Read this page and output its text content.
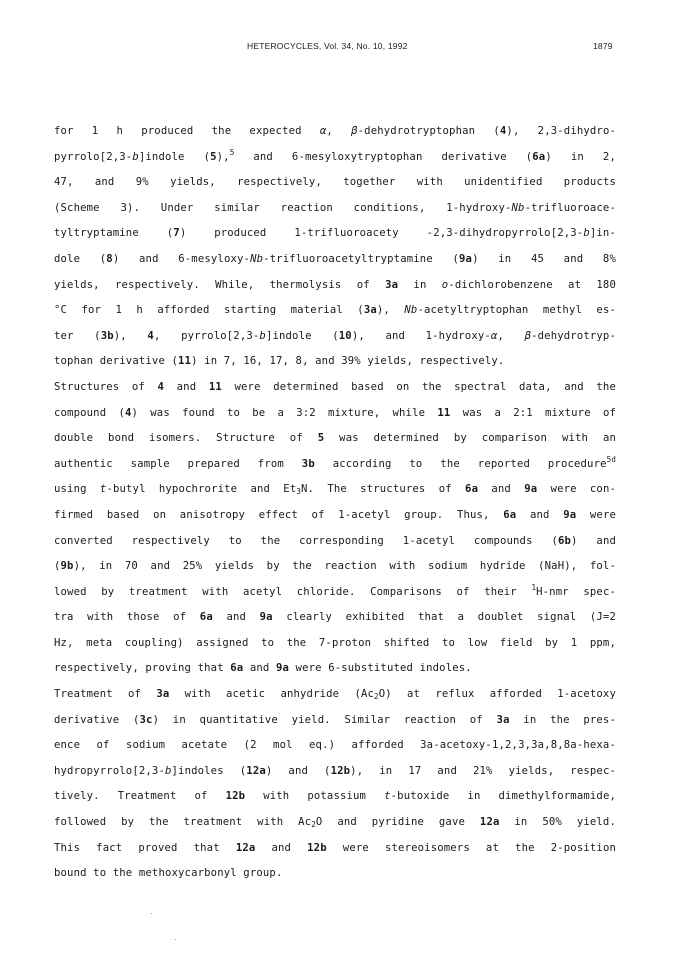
HETEROCYCLES, Vol. 34, No. 10, 1992	1879
for 1 h produced the expected α, β-dehydrotryptophan (4), 2,3-dihydro-
pyrrolo[2,3-b]indole (5),$^5$ and 6-mesyloxytryptophan derivative (6a) in 2,
47, and 9% yields, respectively, together with unidentified products
(Scheme 3). Under similar reaction conditions, 1-hydroxy-Nb-trifluoroace-
tyltryptamine (7) produced 1-trifluoroacety -2,3-dihydropyrrolo[2,3-b]in-
dole (8) and 6-mesyloxy-Nb-trifluoroacetyltryptamine (9a) in 45 and 8%
yields, respectively. While, thermolysis of 3a in o-dichlorobenzene at 180
°C for 1 h afforded starting material (3a), Nb-acetyltryptophan methyl es-
ter (3b), 4, pyrrolo[2,3-b]indole (10), and 1-hydroxy-α, β-dehydrotryp-
tophan derivative (11) in 7, 16, 17, 8, and 39% yields, respectively.
Structures of 4 and 11 were determined based on the spectral data, and the
compound (4) was found to be a 3:2 mixture, while 11 was a 2:1 mixture of
double bond isomers. Structure of 5 was determined by comparison with an
authentic sample prepared from 3b according to the reported procedure$^{5d}$
using t-butyl hypochrorite and $Et_3N$. The structures of 6a and 9a were con-
firmed based on anisotropy effect of 1-acetyl group. Thus, 6a and 9a were
converted respectively to the corresponding 1-acetyl compounds (6b) and
(9b), in 70 and 25% yields by the reaction with sodium hydride (NaH), fol-
lowed by treatment with acetyl chloride. Comparisons of their $^1$H-nmr spec-
tra with those of 6a and 9a clearly exhibited that a doublet signal (J=2
Hz, meta coupling) assigned to the 7-proton shifted to low field by 1 ppm,
respectively, proving that 6a and 9a were 6-substituted indoles.
Treatment of 3a with acetic anhydride $(Ac_2O)$ at reflux afforded 1-acetoxy
derivative (3c) in quantitative yield. Similar reaction of 3a in the pres-
ence of sodium acetate (2 mol eq.) afforded 3a-acetoxy-1,2,3,3a,8,8a-hexa-
hydropyrrolo[2,3-b]indoles (12a) and (12b), in 17 and 21% yields, respec-
tively. Treatment of 12b with potassium t-butoxide in dimethylformamide,
followed by the treatment with $Ac_2O$ and pyridine gave 12a in 50% yield.
This fact proved that 12a and 12b were stereoisomers at the 2-position
bound to the methoxycarbonyl group.
